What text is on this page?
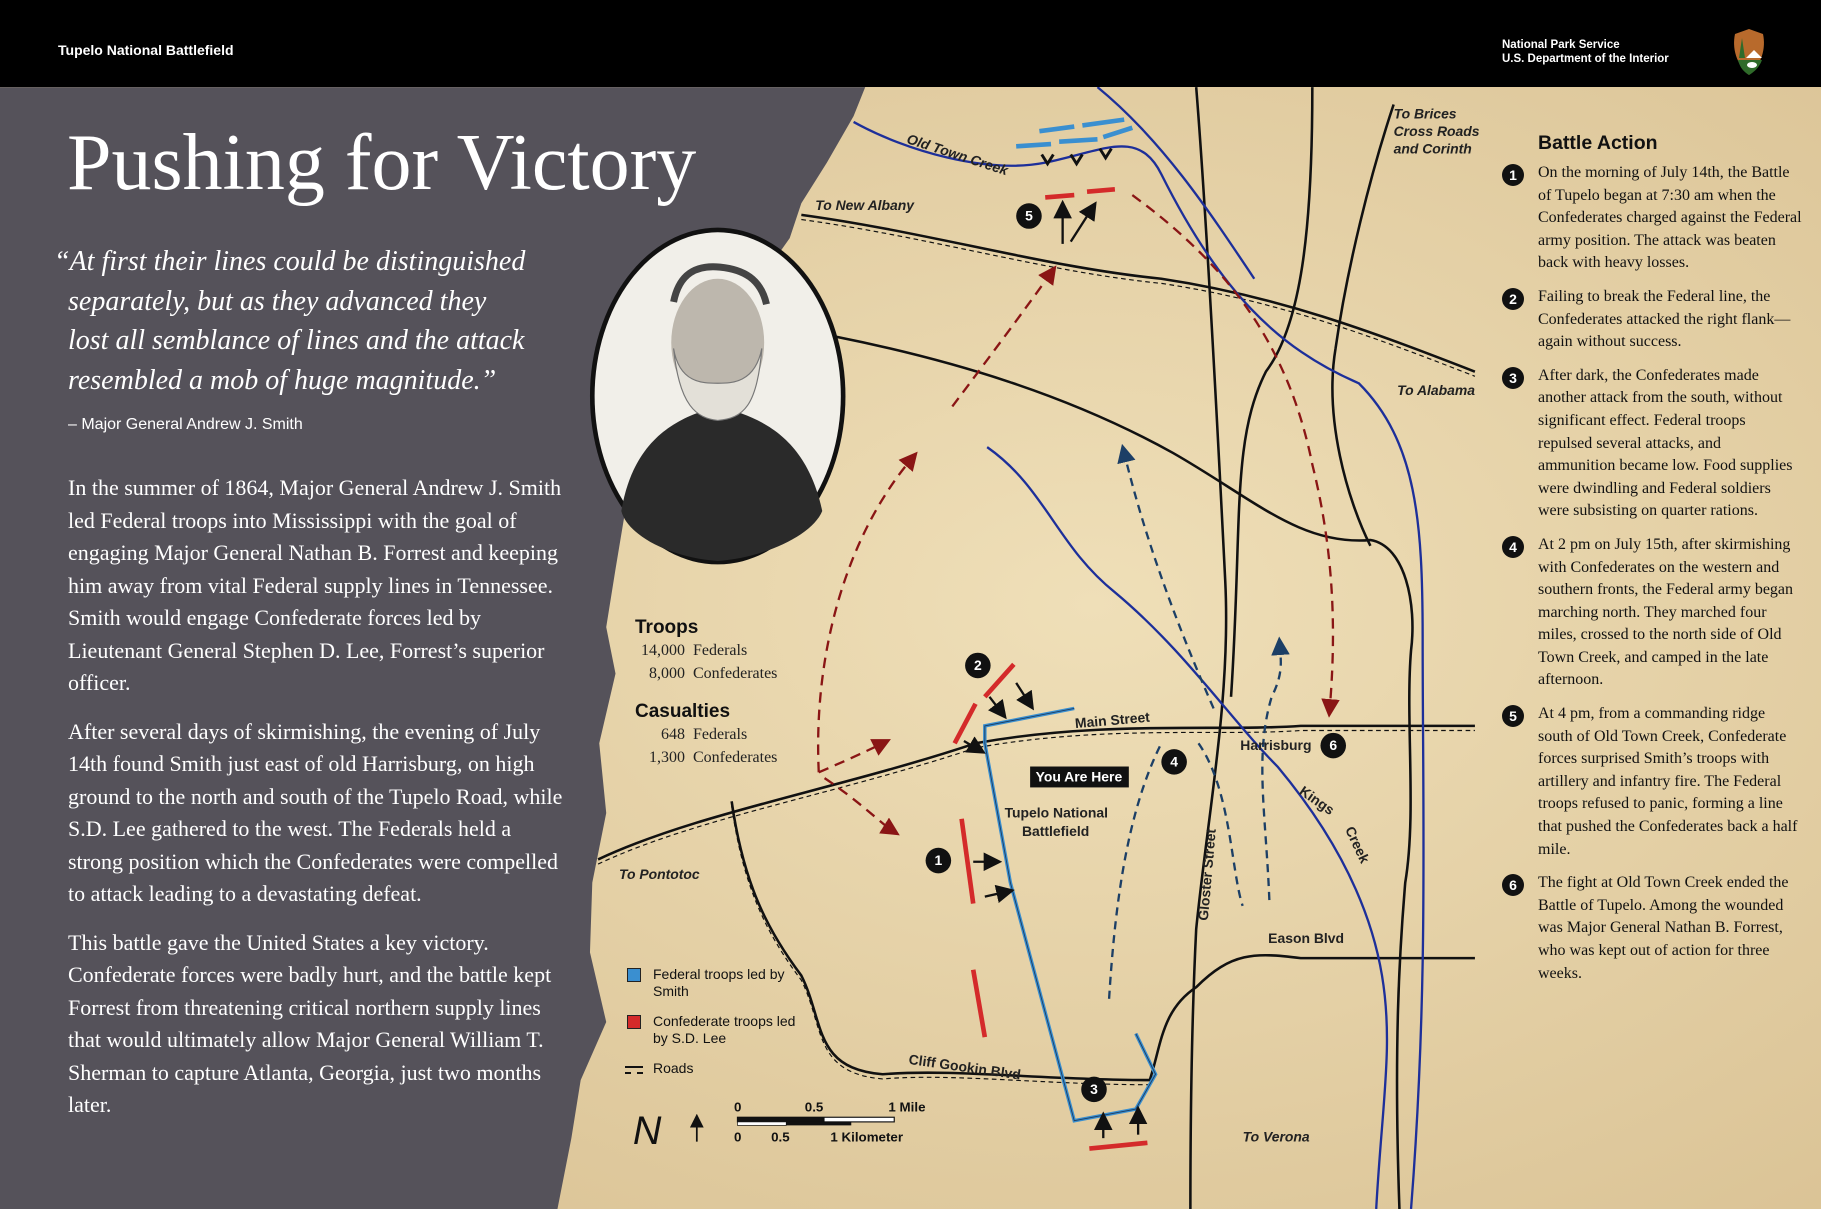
Old Town Creek
To New Albany
To Brices
Cross Roads
and Corinth
To Alabama
To Pontotoc
To Verona
Main Street
Harrisburg
Tupelo National
Battlefield	Gloster Street
Kings
Creek
Eason Blvd
Cliff Gookin Blvd
You Are Here
1
2
3
4
5
6
0	0.5	1 Mile
0	0.5	1 Kilometer
N
Tupelo National Battlefield	National Park Service
U.S. Department of the Interior
Pushing for Victory
“At first their lines could be distinguished
separately, but as they advanced they
lost all semblance of lines and the attack
resembled a mob of huge magnitude.”
– Major General Andrew J. Smith

In the summer of 1864, Major General Andrew J. Smith led Federal troops into Mississippi with the goal of engaging Major General Nathan B. Forrest and keeping him away from vital Federal supply lines in Tennessee. Smith would engage Confederate forces led by Lieutenant General Stephen D. Lee, Forrest’s superior officer.

After several days of skirmishing, the evening of July 14th found Smith just east of old Harrisburg, on high ground to the north and south of the Tupelo Road, while S.D. Lee gathered to the west. The Federals held a strong position which the Confederates were compelled to attack leading to a devastating defeat.

This battle gave the United States a key victory. Confederate forces were badly hurt, and the battle kept Forrest from threatening critical northern supply lines that would ultimately allow Major General William T. Sherman to capture Atlanta, Georgia, just two months later.

Troops
14,000 Federals
8,000 Confederates
Casualties
648 Federals
1,300 Confederates
Federal troops led by Smith
Confederate troops led by S.D. Lee
Roads
Battle Action
1	On the morning of July 14th, the Battle of Tupelo began at 7:30 am when the Confederates charged against the Federal army position. The attack was beaten back with heavy losses.
2	Failing to break the Federal line, the Confederates attacked the right flank—again without success.
3	After dark, the Confederates made another attack from the south, without significant effect. Federal troops repulsed several attacks, and ammunition became low. Food supplies were dwindling and Federal soldiers were subsisting on quarter rations.
4	At 2 pm on July 15th, after skirmishing with Confederates on the western and southern fronts, the Federal army began marching north. They marched four miles, crossed to the north side of Old Town Creek, and camped in the late afternoon.
5	At 4 pm, from a commanding ridge south of Old Town Creek, Confederate forces surprised Smith’s troops with artillery and infantry fire. The Federal troops refused to panic, forming a line that pushed the Confederates back a half mile.
6	The fight at Old Town Creek ended the Battle of Tupelo. Among the wounded was Major General Nathan B. Forrest, who was kept out of action for three weeks.
